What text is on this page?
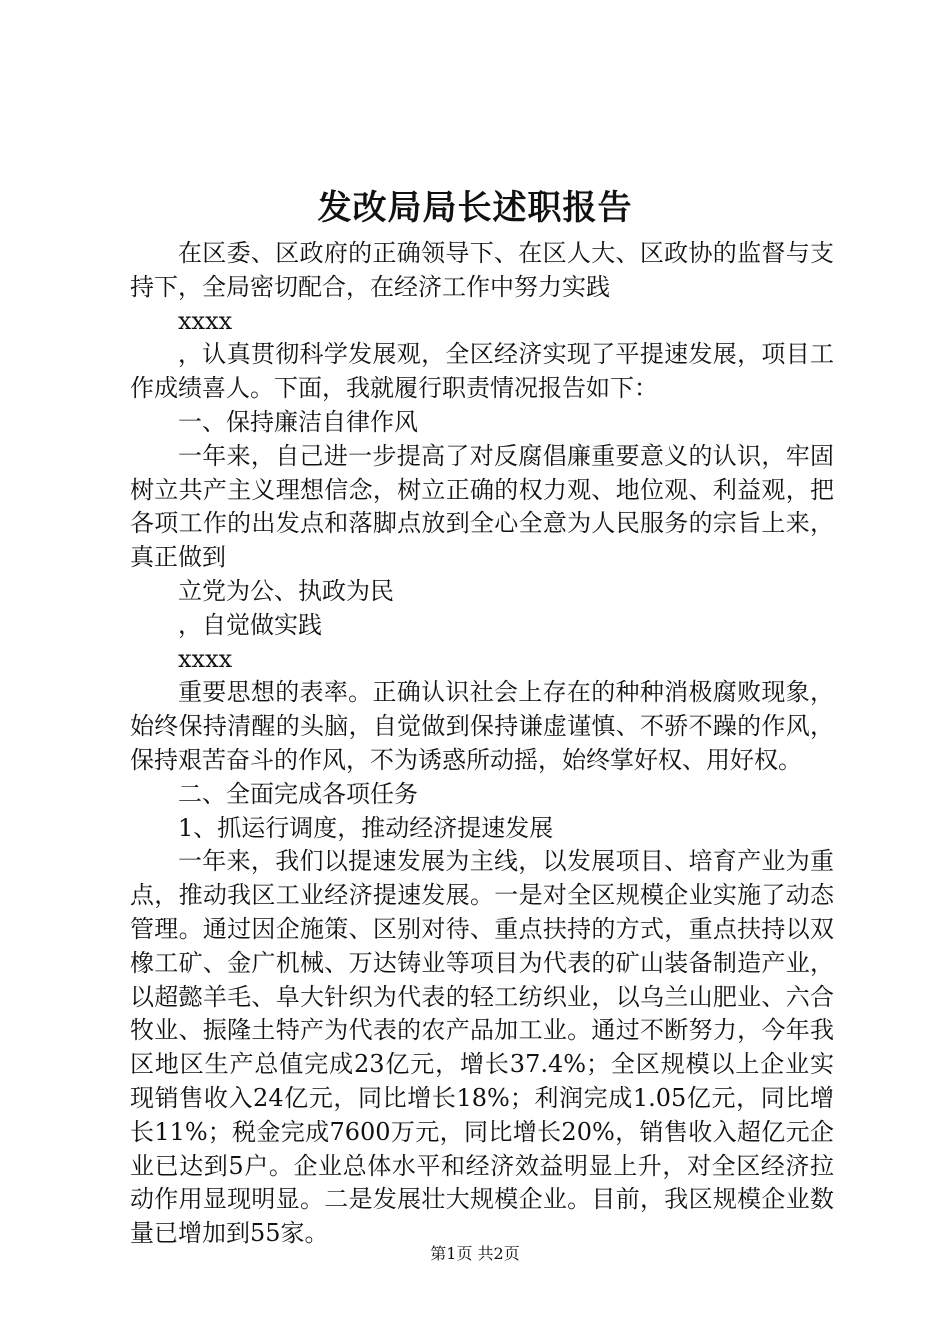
发改局局长述职报告

在区委、区政府的正确领导下、在区人大、区政协的监督与支持下，全局密切配合，在经济工作中努力实践

xxxx

，认真贯彻科学发展观，全区经济实现了平提速发展，项目工作成绩喜人。下面，我就履行职责情况报告如下：

一、保持廉洁自律作风

一年来，自己进一步提高了对反腐倡廉重要意义的认识，牢固树立共产主义理想信念，树立正确的权力观、地位观、利益观，把各项工作的出发点和落脚点放到全心全意为人民服务的宗旨上来，真正做到

立党为公、执政为民

，自觉做实践

xxxx

重要思想的表率。正确认识社会上存在的种种消极腐败现象，始终保持清醒的头脑，自觉做到保持谦虚谨慎、不骄不躁的作风，保持艰苦奋斗的作风，不为诱惑所动摇，始终掌好权、用好权。

二、全面完成各项任务

1、抓运行调度，推动经济提速发展

一年来，我们以提速发展为主线，以发展项目、培育产业为重点，推动我区工业经济提速发展。一是对全区规模企业实施了动态管理。通过因企施策、区别对待、重点扶持的方式，重点扶持以双橡工矿、金广机械、万达铸业等项目为代表的矿山装备制造产业，以超懿羊毛、阜大针织为代表的轻工纺织业，以乌兰山肥业、六合牧业、振隆土特产为代表的农产品加工业。通过不断努力，今年我区地区生产总值完成23亿元，增长37.4%；全区规模以上企业实现销售收入24亿元，同比增长18%；利润完成1.05亿元，同比增长11%；税金完成7600万元，同比增长20%，销售收入超亿元企业已达到5户。企业总体水平和经济效益明显上升，对全区经济拉动作用显现明显。二是发展壮大规模企业。目前，我区规模企业数量已增加到55家。

第1页 共2页
